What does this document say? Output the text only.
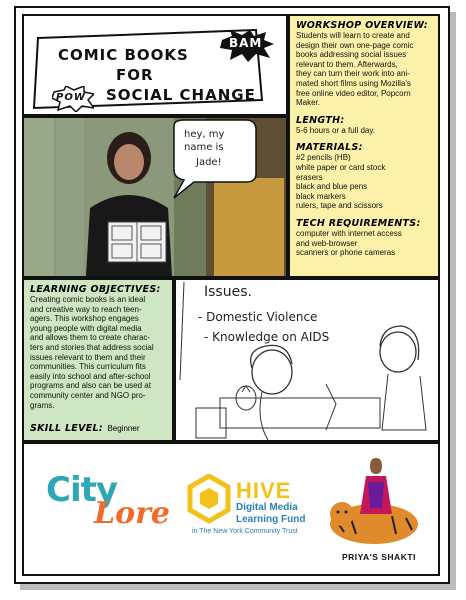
BAM
POW
COMIC BOOKS
FOR
SOCIAL CHANGE
hey, my
name is
Jade!
WORKSHOP OVERVIEW:

Students will learn to create and

design their own one-page comic

books addressing social issues

relevant to them. Afterwards,

they can turn their work into ani-

mated short films using Mozilla's

free online video editor, Popcorn

Maker.

LENGTH:

5-6 hours or a full day.

MATERIALS:

#2 pencils (HB)

white paper or card stock

erasers

black and blue pens

black markers

rulers, tape and scissors

TECH REQUIREMENTS:

computer with internet access

and web-browser

scanners or phone cameras

LEARNING OBJECTIVES:

Creating comic books is an ideal

and creative way to reach teen-

agers. This workshop engages

young people with digital media

and allows them to create charac-

ters and stories that address social

issues relevant to them and their

communities. This curriculum fits

easily into school and after-school

programs and also can be used at

community center and NGO pro-

grams.

SKILL LEVEL: Beginner
Issues.
- Domestic Violence
- Knowledge on AIDS
City
Lore
HIVE
Digital Media
Learning Fund
in The New York Community Trust
PRIYA'S SHAKTI
